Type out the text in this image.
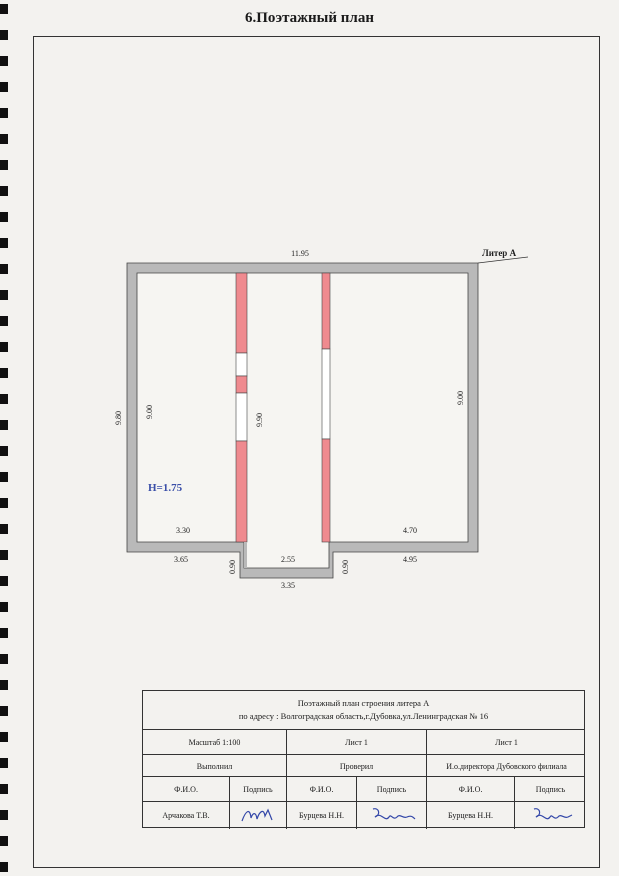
6.Поэтажный план
Литер А
11.95
9.80	9.00
9.90
9.00
3.30	4.70
3.65	4.95
2.55
3.35
0.90	0.90
H=1.75
Поэтажный план строения литера А
по адресу : Волгоградская область,г.Дубовка,ул.Ленинградская № 16
Масштаб 1:100	Лист 1	Лист 1
Выполнил	Проверил	И.о.директора Дубовского филиала
Ф.И.О.	Подпись	Ф.И.О.	Подпись	Ф.И.О.	Подпись
Арчакова Т.В.	Бурцева Н.Н.	Бурцева Н.Н.
